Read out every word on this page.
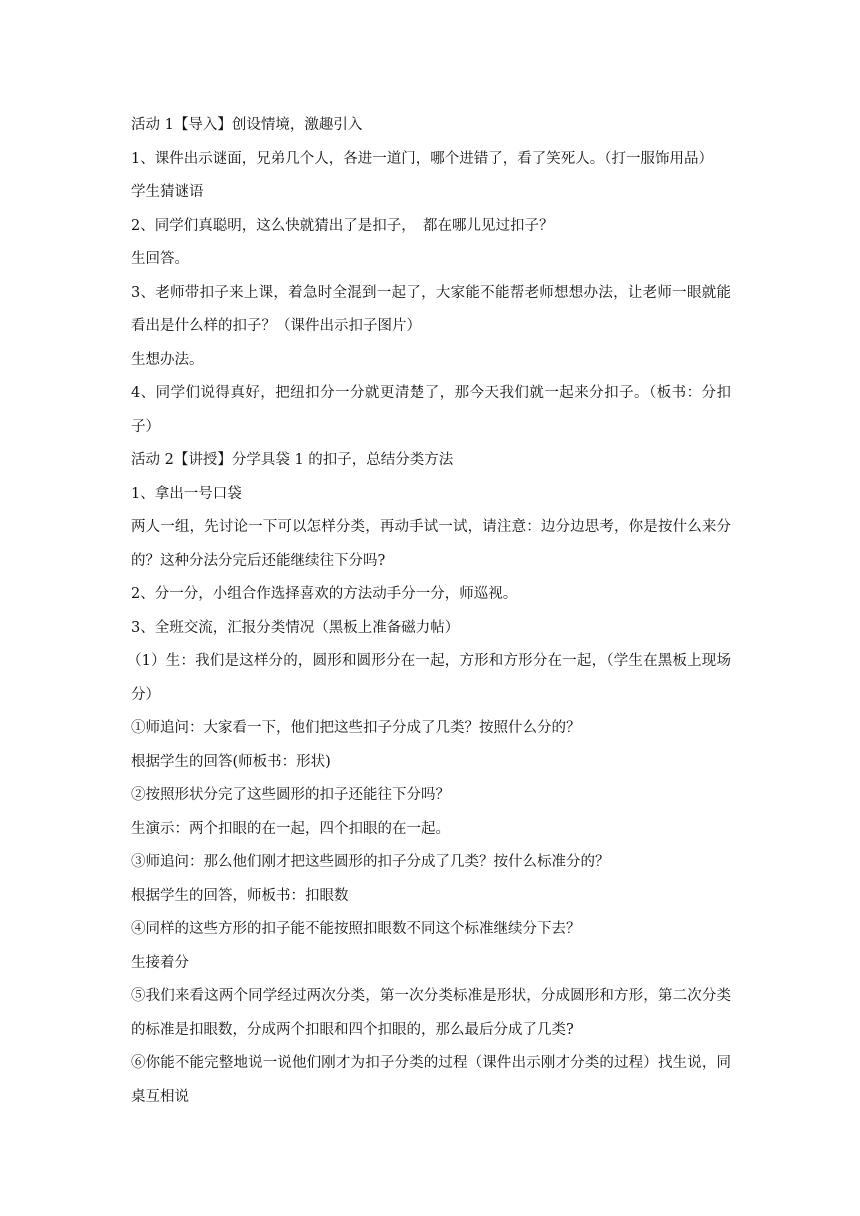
活动 1【导入】创设情境，激趣引入

1、课件出示谜面，兄弟几个人，各进一道门，哪个进错了，看了笑死人。（打一服饰用品）

学生猜谜语

2、同学们真聪明，这么快就猜出了是扣子，　都在哪儿见过扣子？

生回答。

3、老师带扣子来上课，着急时全混到一起了，大家能不能帮老师想想办法，让老师一眼就能看出是什么样的扣子？（课件出示扣子图片）

生想办法。

4、同学们说得真好，把纽扣分一分就更清楚了，那今天我们就一起来分扣子。（板书：分扣子）

活动 2【讲授】分学具袋 1 的扣子，总结分类方法

1、拿出一号口袋

两人一组，先讨论一下可以怎样分类，再动手试一试，请注意：边分边思考，你是按什么来分的？这种分法分完后还能继续往下分吗?

2、分一分，小组合作选择喜欢的方法动手分一分，师巡视。

3、全班交流，汇报分类情况（黑板上准备磁力帖）

（1）生：我们是这样分的，圆形和圆形分在一起，方形和方形分在一起，（学生在黑板上现场分）

①师追问：大家看一下，他们把这些扣子分成了几类？按照什么分的？

根据学生的回答(师板书：形状)

②按照形状分完了这些圆形的扣子还能往下分吗？

生演示：两个扣眼的在一起，四个扣眼的在一起。

③师追问：那么他们刚才把这些圆形的扣子分成了几类？按什么标准分的？

根据学生的回答，师板书：扣眼数

④同样的这些方形的扣子能不能按照扣眼数不同这个标准继续分下去？

生接着分

⑤我们来看这两个同学经过两次分类，第一次分类标准是形状，分成圆形和方形，第二次分类的标准是扣眼数，分成两个扣眼和四个扣眼的，那么最后分成了几类?

⑥你能不能完整地说一说他们刚才为扣子分类的过程（课件出示刚才分类的过程）找生说，同桌互相说
